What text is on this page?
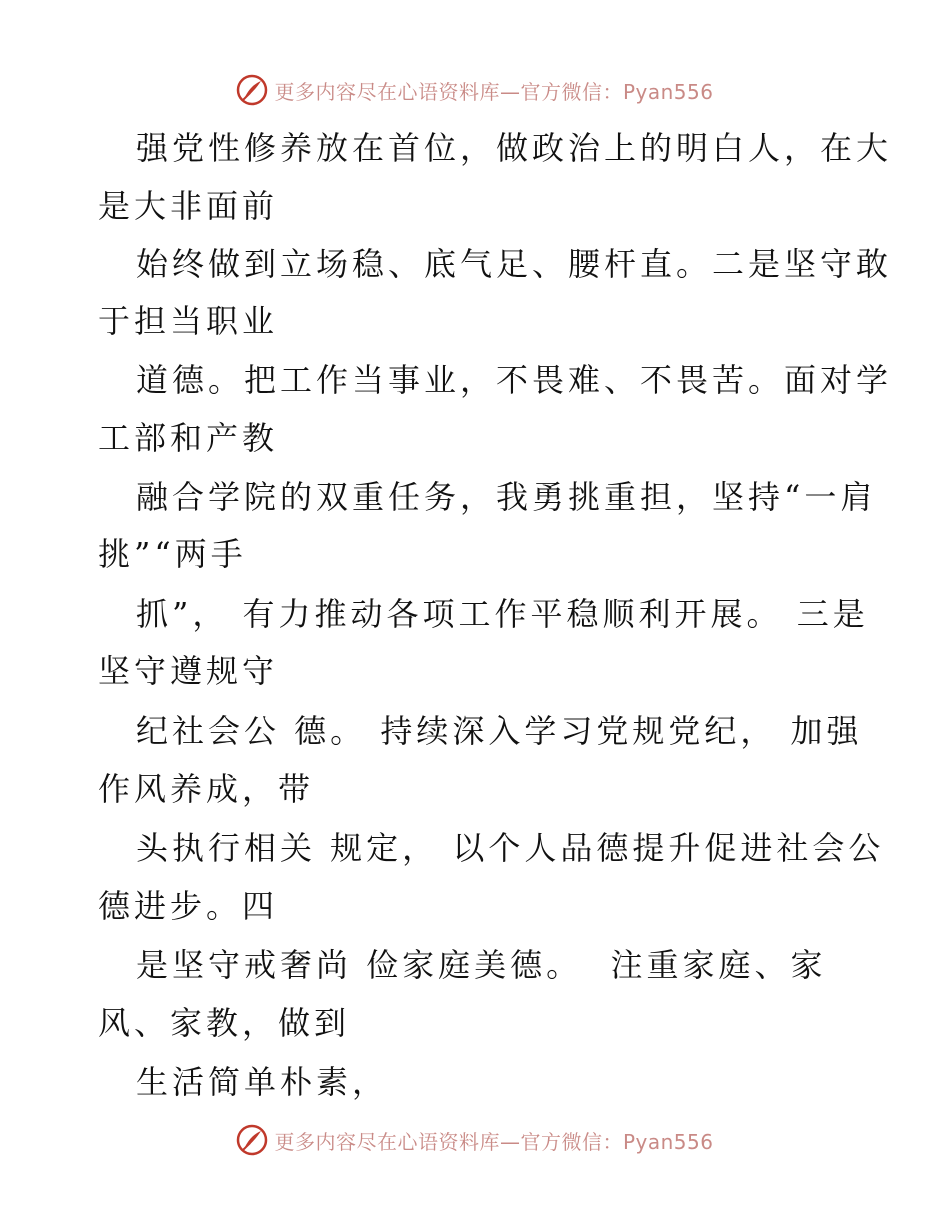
更多内容尽在心语资料库—官方微信：Pyan556
强党性修养放在首位，做政治上的明白人，在大
是大非面前
始终做到立场稳、底气足、腰杆直。二是坚守敢
于担当职业
道德。把工作当事业，不畏难、不畏苦。面对学
工部和产教
融合学院的双重任务，我勇挑重担，坚持“一肩
挑”“两手
抓”， 有力推动各项工作平稳顺利开展。 三是
坚守遵规守
纪社会公 德。 持续深入学习党规党纪， 加强
作风养成，带
头执行相关 规定， 以个人品德提升促进社会公
德进步。四
是坚守戒奢尚 俭家庭美德。  注重家庭、家
风、家教，做到
生活简单朴素，
更多内容尽在心语资料库—官方微信：Pyan556
